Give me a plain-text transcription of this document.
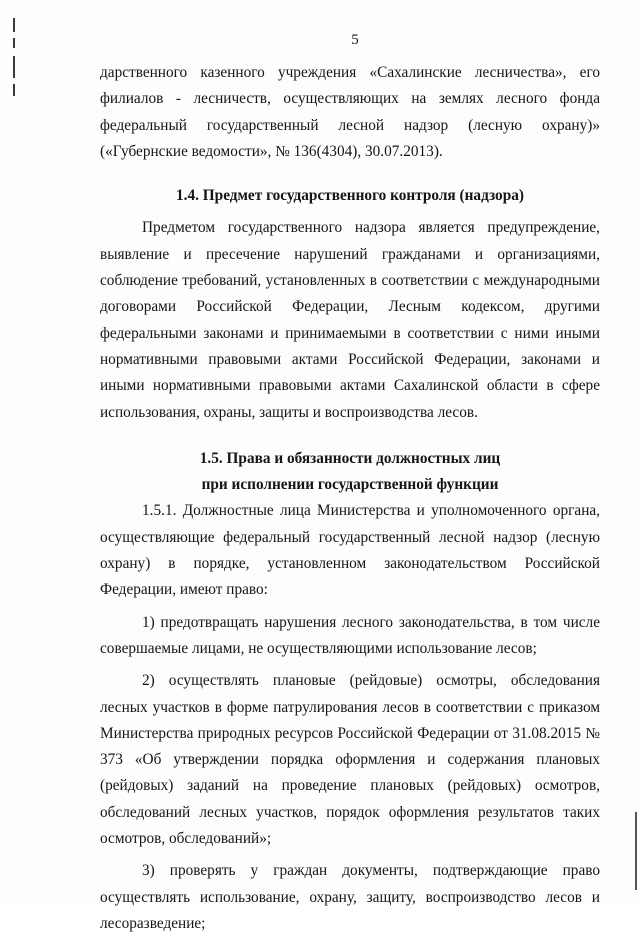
5

дарственного казенного учреждения «Сахалинские лесничества», его филиалов - лесничеств, осуществляющих на землях лесного фонда федеральный государственный лесной надзор (лесную охрану)» («Губернские ведомости», № 136(4304), 30.07.2013).

1.4. Предмет государственного контроля (надзора)

Предметом государственного надзора является предупреждение, выявление и пресечение нарушений гражданами и организациями, соблюдение требований, установленных в соответствии с международными договорами Российской Федерации, Лесным кодексом, другими федеральными законами и принимаемыми в соответствии с ними иными нормативными правовыми актами Российской Федерации, законами и иными нормативными правовыми актами Сахалинской области в сфере использования, охраны, защиты и воспроизводства лесов.

1.5. Права и обязанности должностных лиц
при исполнении государственной функции

1.5.1. Должностные лица Министерства и уполномоченного органа, осуществляющие федеральный государственный лесной надзор (лесную охрану) в порядке, установленном законодательством Российской Федерации, имеют право:

1) предотвращать нарушения лесного законодательства, в том числе совершаемые лицами, не осуществляющими использование лесов;

2) осуществлять плановые (рейдовые) осмотры, обследования лесных участков в форме патрулирования лесов в соответствии с приказом Министерства природных ресурсов Российской Федерации от 31.08.2015 № 373 «Об утверждении порядка оформления и содержания плановых (рейдовых) заданий на проведение плановых (рейдовых) осмотров, обследований лесных участков, порядок оформления результатов таких осмотров, обследований»;

3) проверять у граждан документы, подтверждающие право осуществлять использование, охрану, защиту, воспроизводство лесов и лесоразведение;
